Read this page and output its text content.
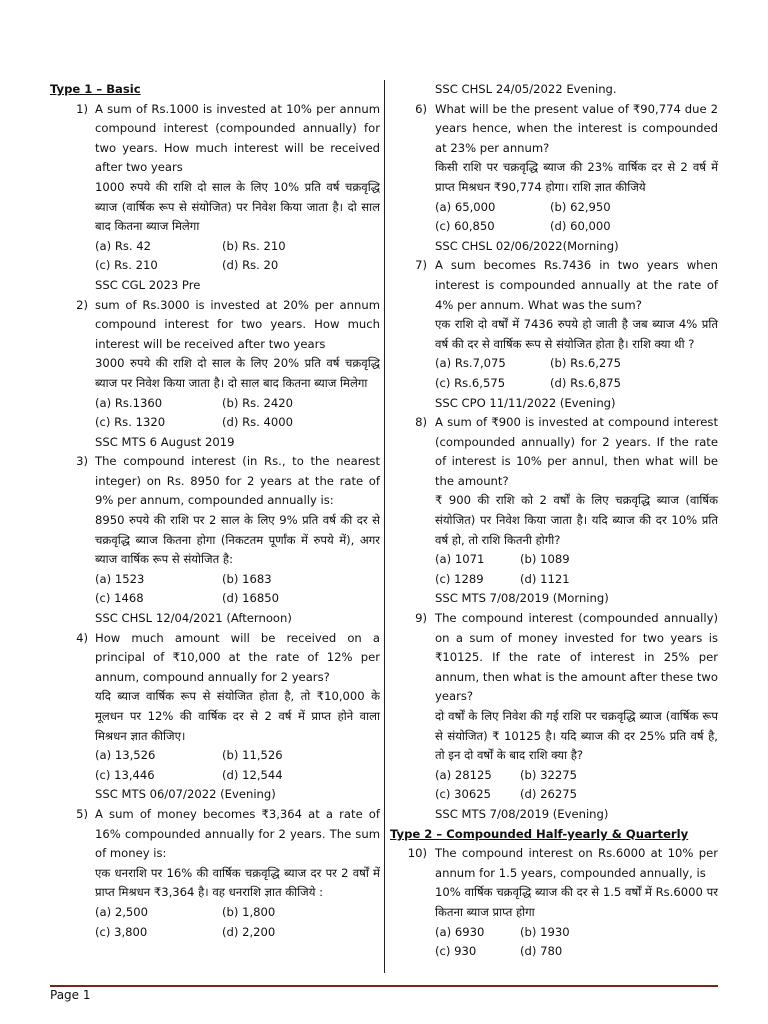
Type 1 – Basic
1) A sum of Rs.1000 is invested at 10% per annum compound interest (compounded annually) for two years. How much interest will be received after two years

1000 रुपये की राशि दो साल के लिए 10% प्रति वर्ष चक्रवृद्धि ब्याज (वार्षिक रूप से संयोजित) पर निवेश किया जाता है। दो साल बाद कितना ब्याज मिलेगा

(a) Rs. 42	(b) Rs. 210
(c) Rs. 210	(d) Rs. 20

SSC CGL 2023 Pre

2) sum of Rs.3000 is invested at 20% per annum compound interest for two years. How much interest will be received after two years

3000 रुपये की राशि दो साल के लिए 20% प्रति वर्ष चक्रवृद्धि ब्याज पर निवेश किया जाता है। दो साल बाद कितना ब्याज मिलेगा

(a) Rs.1360	(b) Rs. 2420
(c) Rs. 1320	(d) Rs. 4000

SSC MTS 6 August 2019

3) The compound interest (in Rs., to the nearest integer) on Rs. 8950 for 2 years at the rate of 9% per annum, compounded annually is:

8950 रुपये की राशि पर 2 साल के लिए 9% प्रति वर्ष की दर से चक्रवृद्धि ब्याज कितना होगा (निकटतम पूर्णांक में रुपये में), अगर ब्याज वार्षिक रूप से संयोजित है:

(a) 1523	(b) 1683
(c) 1468	(d) 16850

SSC CHSL 12/04/2021 (Afternoon)

4) How much amount will be received on a principal of ₹10,000 at the rate of 12% per annum, compound annually for 2 years?

यदि ब्याज वार्षिक रूप से संयोजित होता है, तो ₹10,000 के मूलधन पर 12% की वार्षिक दर से 2 वर्ष में प्राप्त होने वाला मिश्रधन ज्ञात कीजिए।

(a) 13,526	(b) 11,526
(c) 13,446	(d) 12,544

SSC MTS 06/07/2022 (Evening)

5) A sum of money becomes ₹3,364 at a rate of 16% compounded annually for 2 years. The sum of money is:

एक धनराशि पर 16% की वार्षिक चक्रवृद्धि ब्याज दर पर 2 वर्षों में प्राप्त मिश्रधन ₹3,364 है। वह धनराशि ज्ञात कीजिये :

(a) 2,500	(b) 1,800
(c) 3,800	(d) 2,200

SSC CHSL 24/05/2022 Evening.

6) What will be the present value of ₹90,774 due 2 years hence, when the interest is compounded at 23% per annum?

किसी राशि पर चक्रवृद्धि ब्याज की 23% वार्षिक दर से 2 वर्ष में प्राप्त मिश्रधन ₹90,774 होगा। राशि ज्ञात कीजिये

(a) 65,000	(b) 62,950
(c) 60,850	(d) 60,000

SSC CHSL 02/06/2022(Morning)

7) A sum becomes Rs.7436 in two years when interest is compounded annually at the rate of 4% per annum. What was the sum?

एक राशि दो वर्षों में 7436 रुपये हो जाती है जब ब्याज 4% प्रति वर्ष की दर से वार्षिक रूप से संयोजित होता है। राशि क्या थी ?

(a) Rs.7,075	(b) Rs.6,275
(c) Rs.6,575	(d) Rs.6,875

SSC CPO 11/11/2022 (Evening)

8) A sum of ₹900 is invested at compound interest (compounded annually) for 2 years. If the rate of interest is 10% per annul, then what will be the amount?

₹ 900 की राशि को 2 वर्षों के लिए चक्रवृद्धि ब्याज (वार्षिक संयोजित) पर निवेश किया जाता है। यदि ब्याज की दर 10% प्रति वर्ष हो, तो राशि कितनी होगी?

(a) 1071	(b) 1089
(c) 1289	(d) 1121

SSC MTS 7/08/2019 (Morning)

9) The compound interest (compounded annually) on a sum of money invested for two years is ₹10125. If the rate of interest in 25% per annum, then what is the amount after these two years?

दो वर्षों के लिए निवेश की गई राशि पर चक्रवृद्धि ब्याज (वार्षिक रूप से संयोजित) ₹ 10125 है। यदि ब्याज की दर 25% प्रति वर्ष है, तो इन दो वर्षों के बाद राशि क्या है?

(a) 28125	(b) 32275
(c) 30625	(d) 26275

SSC MTS 7/08/2019 (Evening)

Type 2 – Compounded Half-yearly & Quarterly
10) The compound interest on Rs.6000 at 10% per annum for 1.5 years, compounded annually, is

10% वार्षिक चक्रवृद्धि ब्याज की दर से 1.5 वर्षों में Rs.6000 पर कितना ब्याज प्राप्त होगा

(a) 6930	(b) 1930
(c) 930	(d) 780
Page 1
